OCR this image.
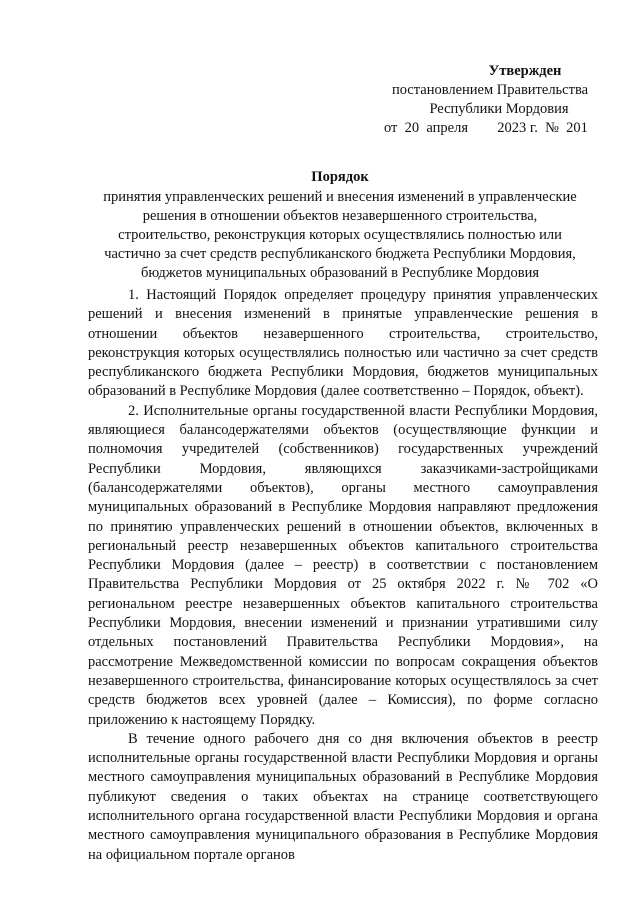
Утвержден
постановлением Правительства
Республики Мордовия
от 20 апреля 2023 г. № 201
Порядок
принятия управленческих решений и внесения изменений в управленческие
решения в отношении объектов незавершенного строительства,
строительство, реконструкция которых осуществлялись полностью или
частично за счет средств республиканского бюджета Республики Мордовия,
бюджетов муниципальных образований в Республике Мордовия

1. Настоящий Порядок определяет процедуру принятия управленческих решений и внесения изменений в принятые управленческие решения в отношении объектов незавершенного строительства, строительство, реконструкция которых осуществлялись полностью или частично за счет средств республиканского бюджета Республики Мордовия, бюджетов муниципальных образований в Республике Мордовия (далее соответственно – Порядок, объект).

2. Исполнительные органы государственной власти Республики Мордовия, являющиеся балансодержателями объектов (осуществляющие функции и полномочия учредителей (собственников) государственных учреждений Республики Мордовия, являющихся заказчиками-застройщиками (балансодержателями объектов), органы местного самоуправления муниципальных образований в Республике Мордовия направляют предложения по принятию управленческих решений в отношении объектов, включенных в региональный реестр незавершенных объектов капитального строительства Республики Мордовия (далее – реестр) в соответствии с постановлением Правительства Республики Мордовия от 25 октября 2022 г. № 702 «О региональном реестре незавершенных объектов капитального строительства Республики Мордовия, внесении изменений и признании утратившими силу отдельных постановлений Правительства Республики Мордовия», на рассмотрение Межведомственной комиссии по вопросам сокращения объектов незавершенного строительства, финансирование которых осуществлялось за счет средств бюджетов всех уровней (далее – Комиссия), по форме согласно приложению к настоящему Порядку.

В течение одного рабочего дня со дня включения объектов в реестр исполнительные органы государственной власти Республики Мордовия и органы местного самоуправления муниципальных образований в Республике Мордовия публикуют сведения о таких объектах на странице соответствующего исполнительного органа государственной власти Республики Мордовия и органа местного самоуправления муниципального образования в Республике Мордовия на официальном портале органов
